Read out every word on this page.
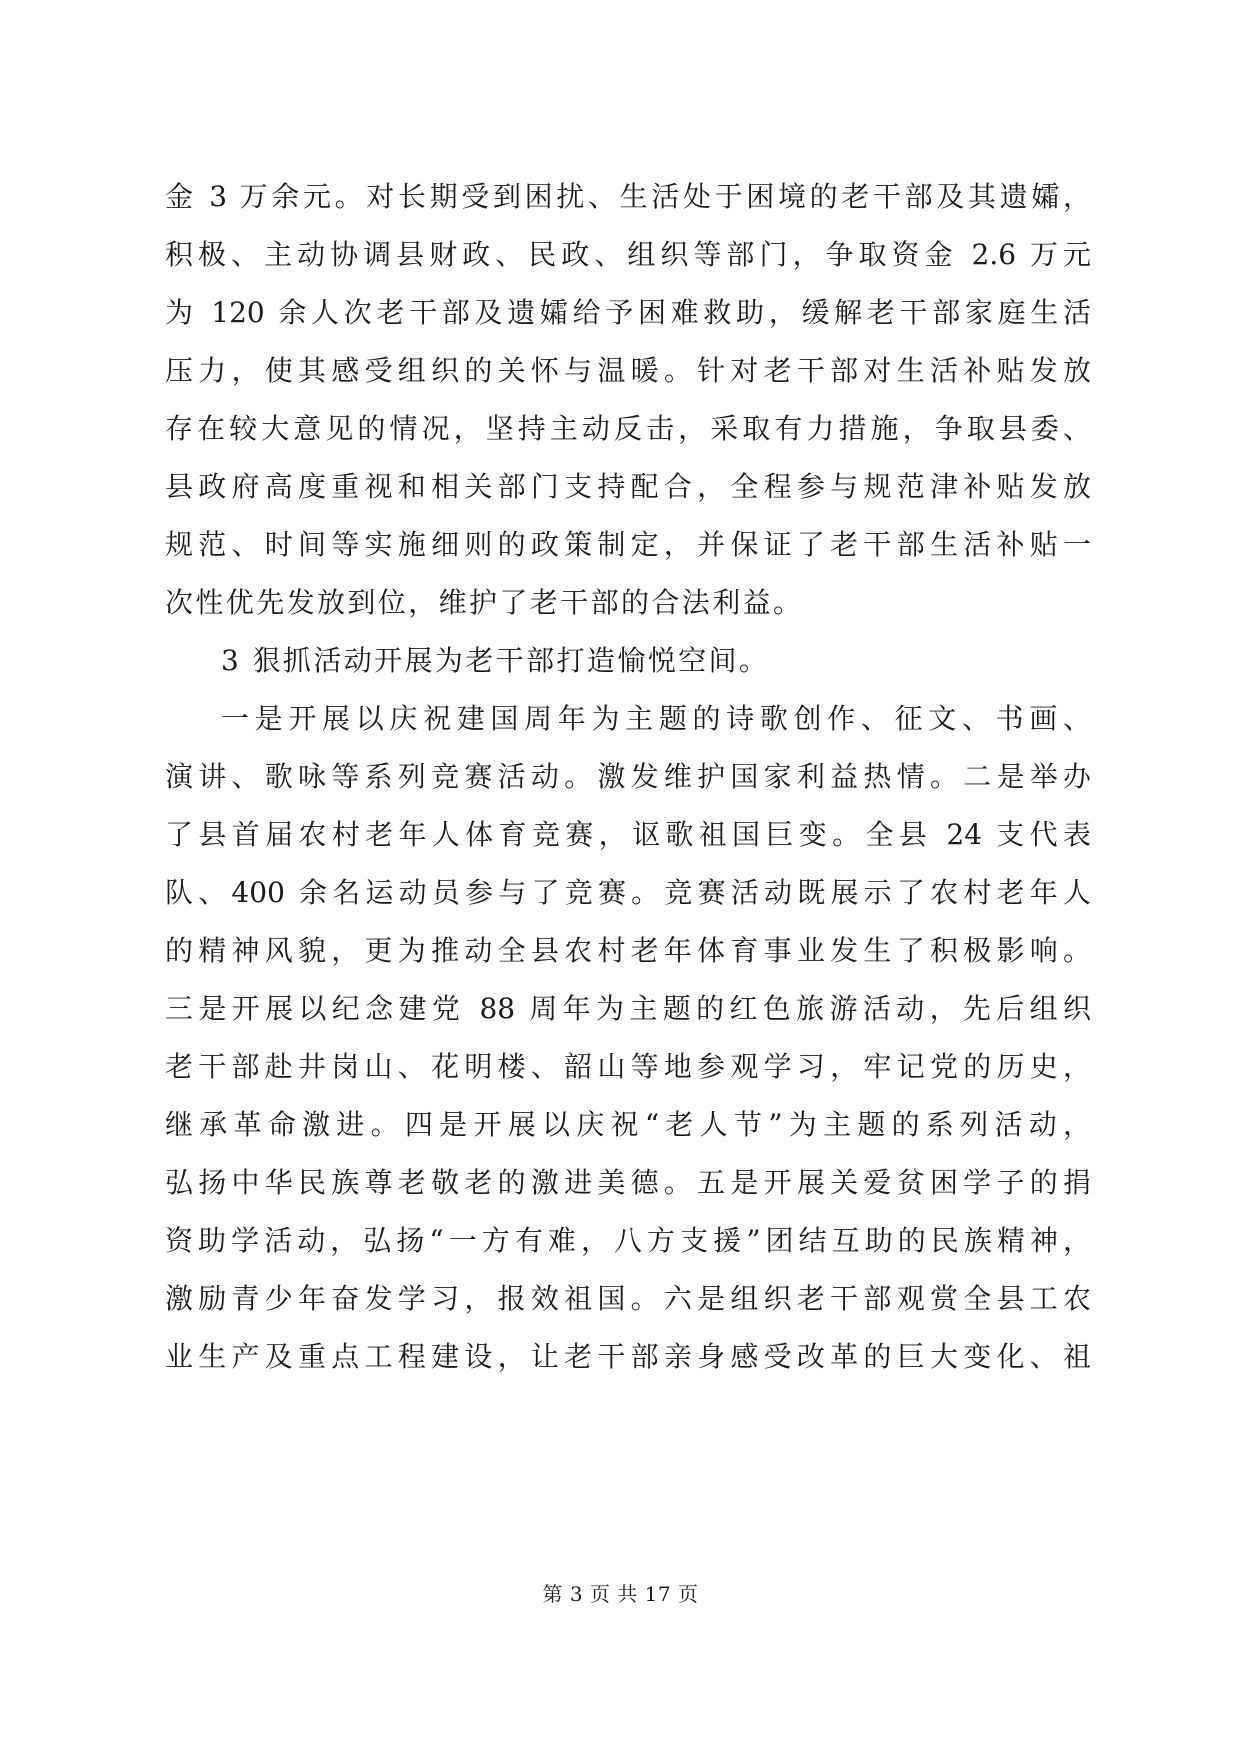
金 3 万余元。对长期受到困扰、生活处于困境的老干部及其遗孀，
积极、主动协调县财政、民政、组织等部门，争取资金 2.6 万元
为 120 余人次老干部及遗孀给予困难救助，缓解老干部家庭生活
压力，使其感受组织的关怀与温暖。针对老干部对生活补贴发放
存在较大意见的情况，坚持主动反击，采取有力措施，争取县委、
县政府高度重视和相关部门支持配合，全程参与规范津补贴发放
规范、时间等实施细则的政策制定，并保证了老干部生活补贴一
次性优先发放到位，维护了老干部的合法利益。
3 狠抓活动开展为老干部打造愉悦空间。
一是开展以庆祝建国周年为主题的诗歌创作、征文、书画、
演讲、歌咏等系列竞赛活动。激发维护国家利益热情。二是举办
了县首届农村老年人体育竞赛，讴歌祖国巨变。全县 24 支代表
队、400 余名运动员参与了竞赛。竞赛活动既展示了农村老年人
的精神风貌，更为推动全县农村老年体育事业发生了积极影响。
三是开展以纪念建党 88 周年为主题的红色旅游活动，先后组织
老干部赴井岗山、花明楼、韶山等地参观学习，牢记党的历史，
继承革命激进。四是开展以庆祝“老人节”为主题的系列活动，
弘扬中华民族尊老敬老的激进美德。五是开展关爱贫困学子的捐
资助学活动，弘扬“一方有难，八方支援”团结互助的民族精神，
激励青少年奋发学习，报效祖国。六是组织老干部观赏全县工农
业生产及重点工程建设，让老干部亲身感受改革的巨大变化、祖
第 3 页 共 17 页
